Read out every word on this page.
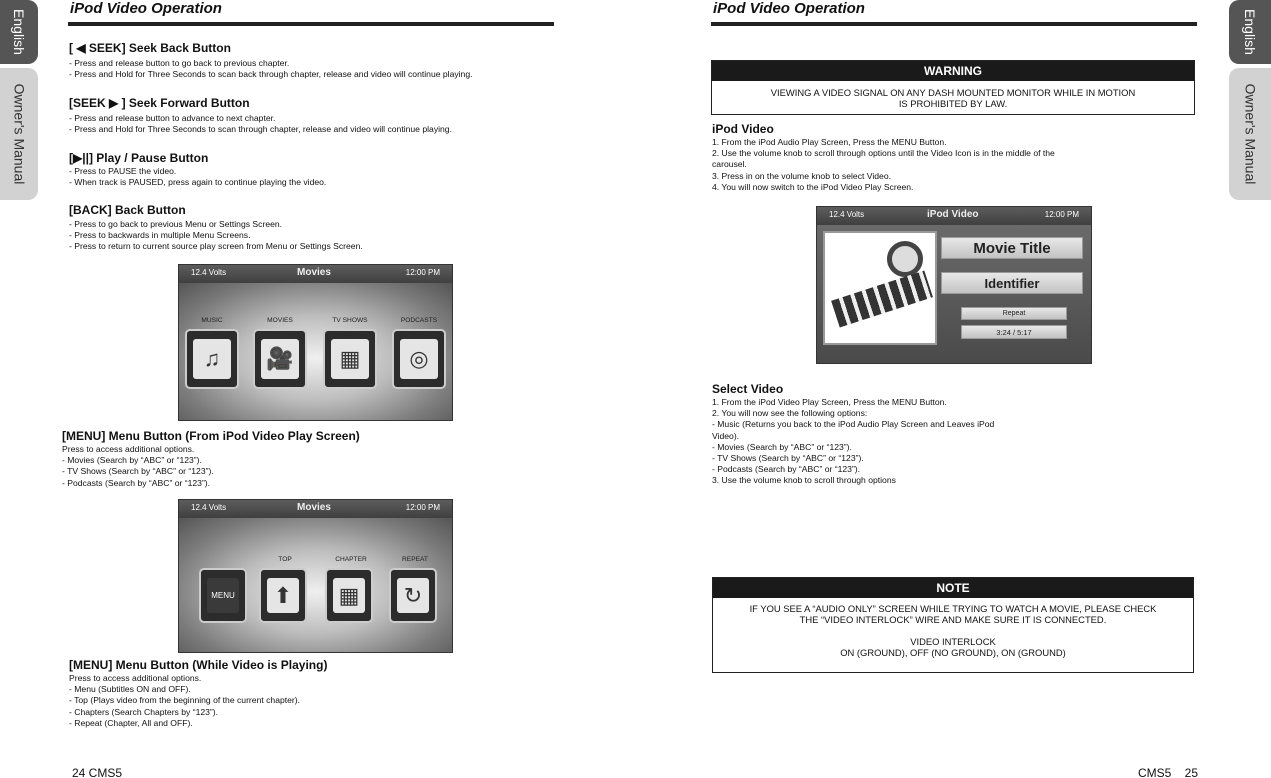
English
Owner's Manual
English
Owner's Manual
iPod Video Operation
[ ◀ SEEK] Seek Back Button
- Press and release button to go back to previous chapter.
- Press and Hold for Three Seconds to scan back through chapter, release and video will continue playing.
[SEEK ▶ ] Seek Forward Button
- Press and release button to advance to next chapter.
- Press and Hold for Three Seconds to scan through chapter, release and video will continue playing.
[▶||] Play / Pause Button
- Press to PAUSE the video.
- When track is PAUSED, press again to continue playing the video.
[BACK] Back Button
- Press to go back to previous Menu or Settings Screen.
- Press to backwards in multiple Menu Screens.
- Press to return to current source play screen from Menu or Settings Screen.
12.4 Volts	Movies	12:00 PM
MUSIC
♫
MOVIES
🎥
TV SHOWS
▦
PODCASTS
◎
[MENU] Menu Button (From iPod Video Play Screen)
Press to access additional options.
- Movies (Search by “ABC” or “123”).
- TV Shows (Search by “ABC” or “123”).
- Podcasts (Search by “ABC” or “123”).
12.4 Volts	Movies	12:00 PM
MENU
TOP
⬆
CHAPTER
▦
REPEAT
↻
[MENU] Menu Button (While Video is Playing)
Press to access additional options.
- Menu (Subtitles ON and OFF).
- Top (Plays video from the beginning of the current chapter).
- Chapters (Search Chapters by “123”).
- Repeat (Chapter, All and OFF).
24 CMS5
iPod Video Operation
WARNING
VIEWING A VIDEO SIGNAL ON ANY DASH MOUNTED MONITOR WHILE IN MOTION
IS PROHIBITED BY LAW.
iPod Video
1. From the iPod Audio Play Screen, Press the MENU Button.
2. Use the volume knob to scroll through options until the Video Icon is in the middle of the
carousel.
3. Press in on the volume knob to select Video.
4. You will now switch to the iPod Video Play Screen.
12.4 Volts	iPod Video	12:00 PM
Movie Title
Identifier
Repeat
3:24 / 5:17
Select Video
1. From the iPod Video Play Screen, Press the MENU Button.
2. You will now see the following options:
- Music (Returns you back to the iPod Audio Play Screen and Leaves iPod
Video).
- Movies (Search by “ABC” or “123”).
- TV Shows (Search by “ABC” or “123”).
- Podcasts (Search by “ABC” or “123”).
3. Use the volume knob to scroll through options
NOTE
IF YOU SEE A “AUDIO ONLY” SCREEN WHILE TRYING TO WATCH A MOVIE, PLEASE CHECK
THE “VIDEO INTERLOCK” WIRE AND MAKE SURE IT IS CONNECTED.
VIDEO INTERLOCK
ON (GROUND), OFF (NO GROUND), ON (GROUND)
CMS5    25
